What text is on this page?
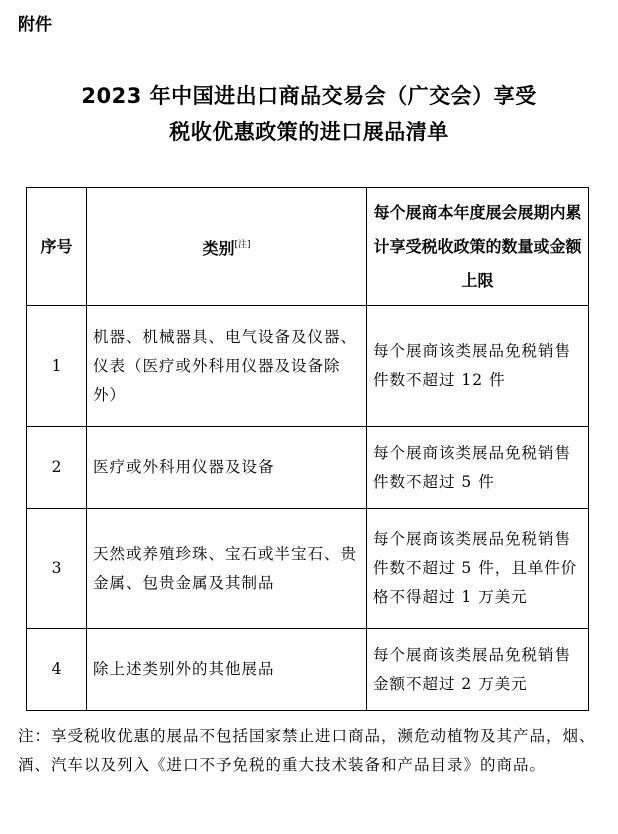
附件
2023 年中国进出口商品交易会（广交会）享受
税收优惠政策的进口展品清单
序号	类别[注]	每个展商本年度展会展期内累计享受税收政策的数量或金额上限
1	机器、机械器具、电气设备及仪器、仪表（医疗或外科用仪器及设备除外）	每个展商该类展品免税销售件数不超过 12 件
2	医疗或外科用仪器及设备	每个展商该类展品免税销售件数不超过 5 件
3	天然或养殖珍珠、宝石或半宝石、贵金属、包贵金属及其制品	每个展商该类展品免税销售件数不超过 5 件，且单件价格不得超过 1 万美元
4	除上述类别外的其他展品	每个展商该类展品免税销售金额不超过 2 万美元
注：享受税收优惠的展品不包括国家禁止进口商品，濒危动植物及其产品，烟、酒、汽车以及列入《进口不予免税的重大技术装备和产品目录》的商品。
